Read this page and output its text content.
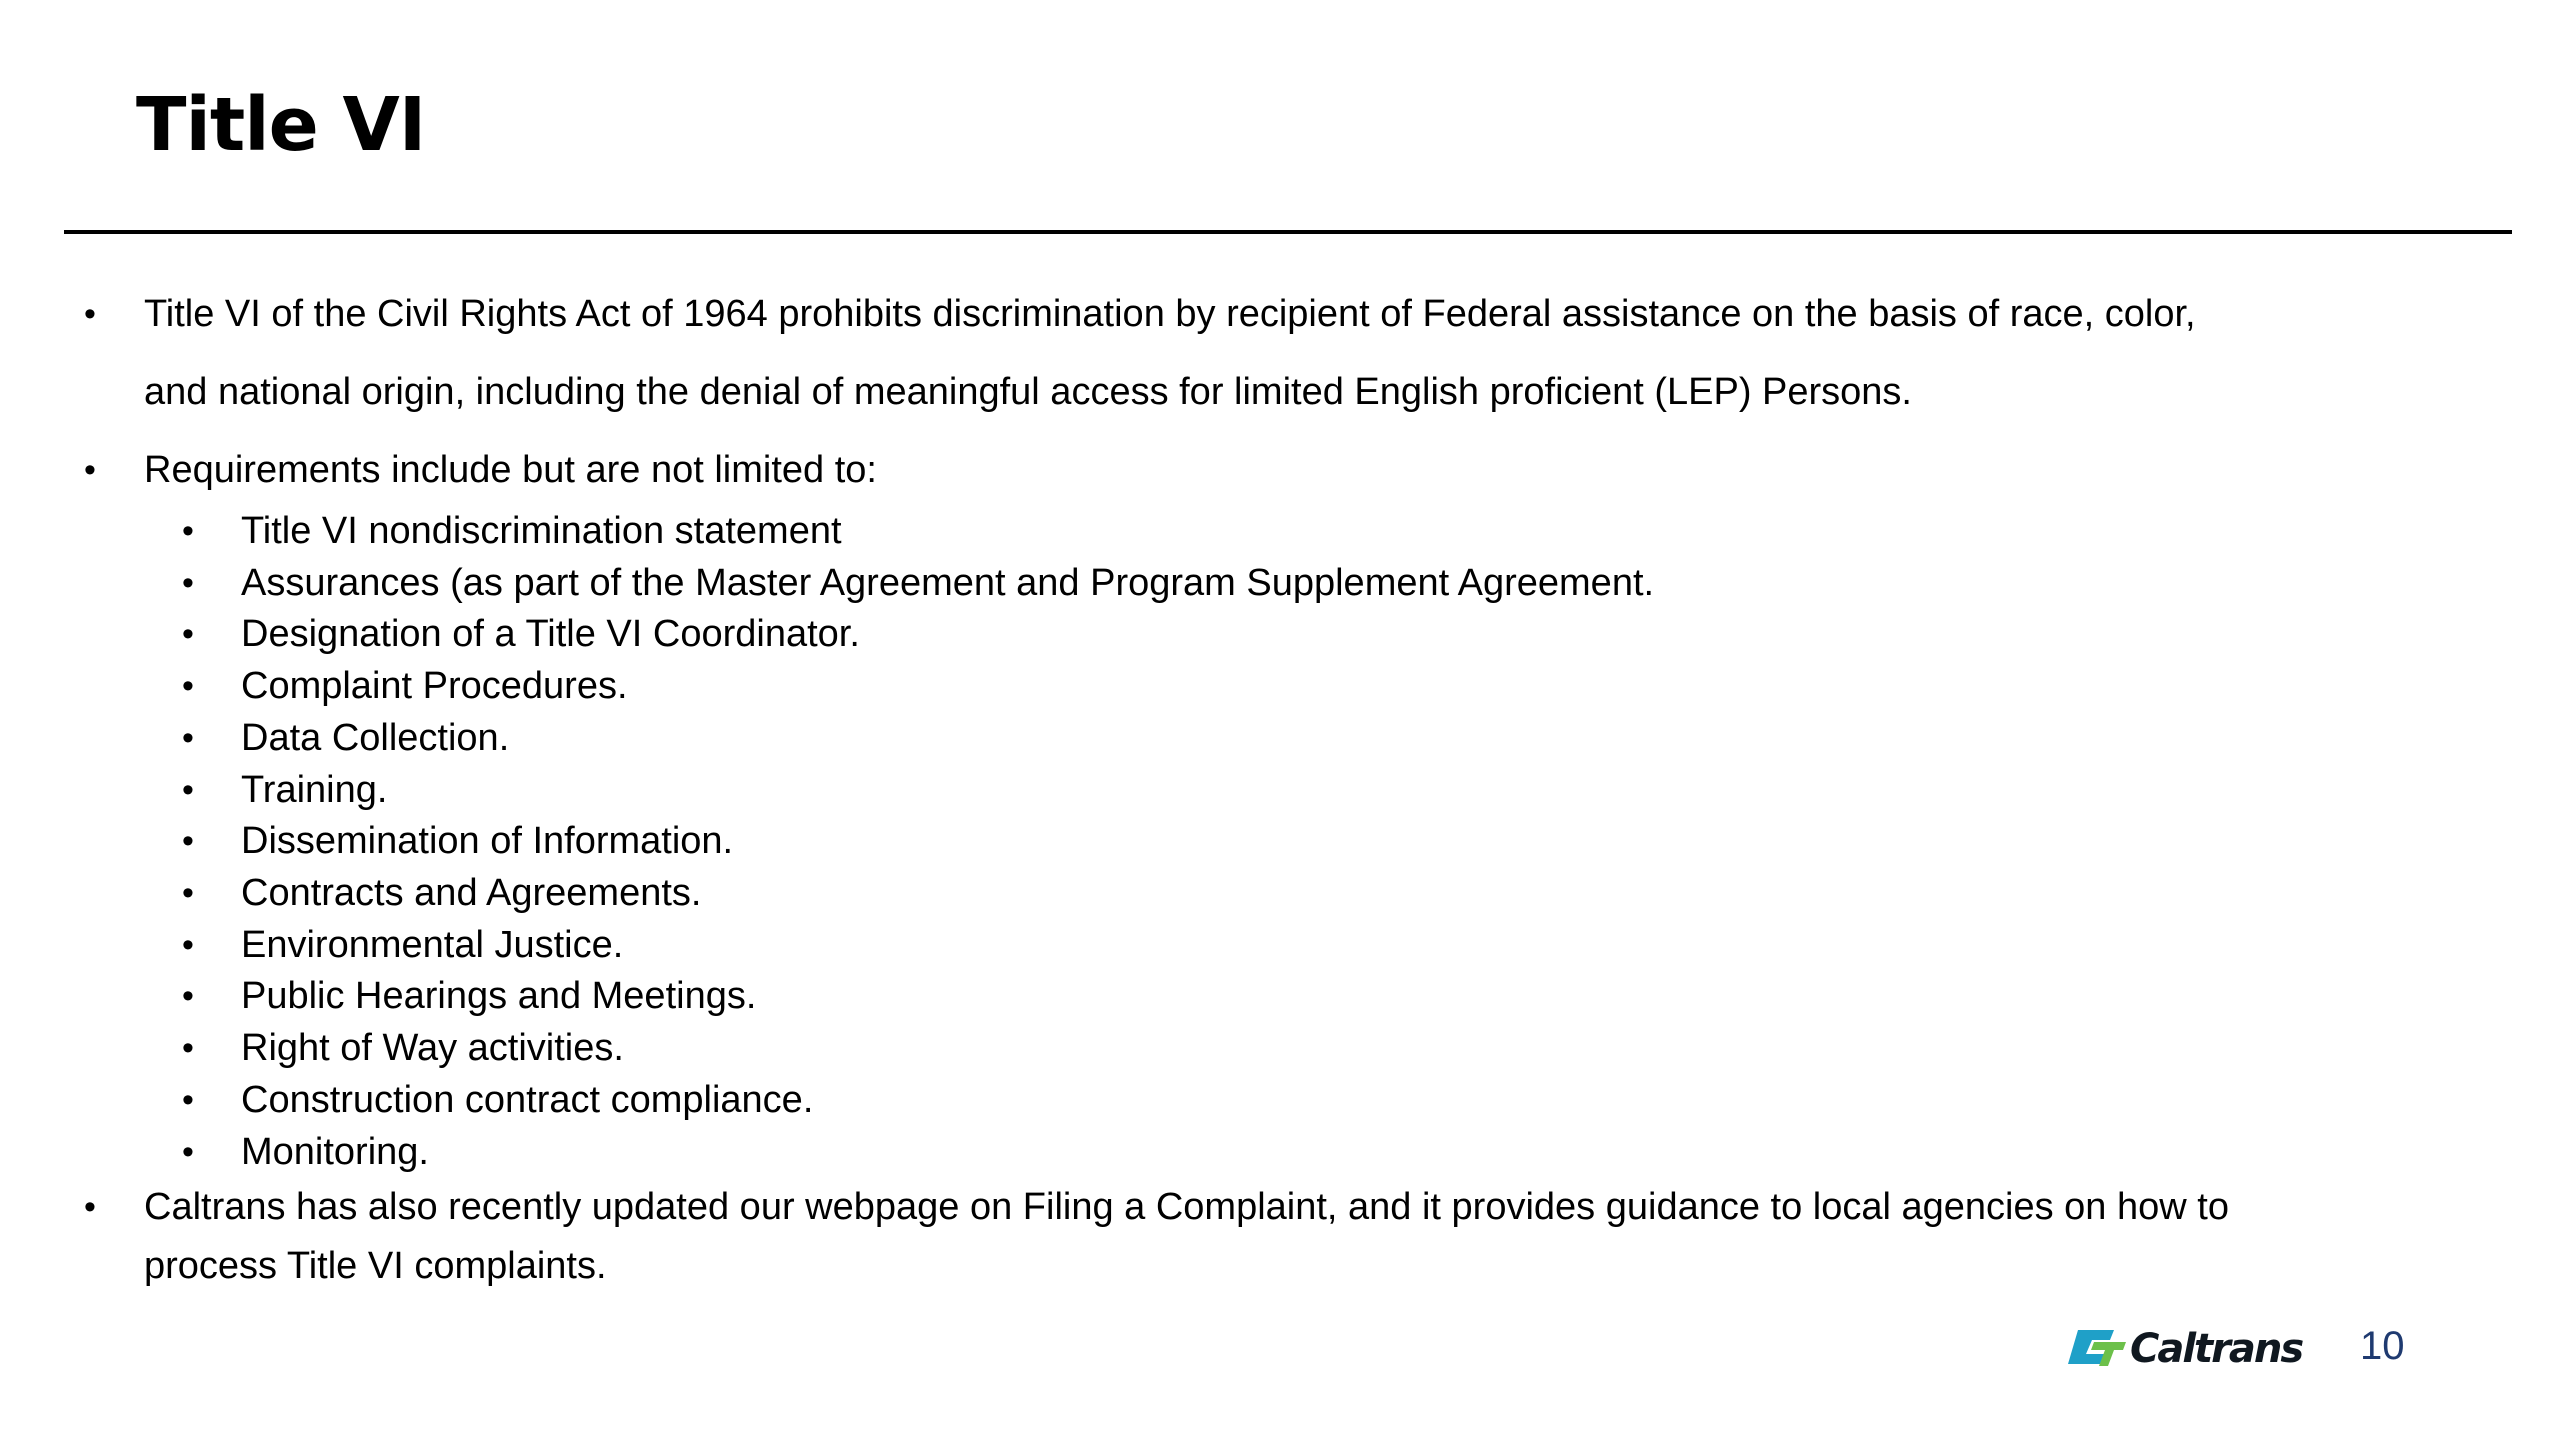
Title VI
• Title VI of the Civil Rights Act of 1964 prohibits discrimination by recipient of Federal assistance on the basis of race, color,
and national origin, including the denial of meaningful access for limited English proficient (LEP) Persons.
• Requirements include but are not limited to:
• Title VI nondiscrimination statement
• Assurances (as part of the Master Agreement and Program Supplement Agreement.
• Designation of a Title VI Coordinator.
• Complaint Procedures.
• Data Collection.
• Training.
• Dissemination of Information.
• Contracts and Agreements.
• Environmental Justice.
• Public Hearings and Meetings.
• Right of Way activities.
• Construction contract compliance.
• Monitoring.
• Caltrans has also recently updated our webpage on Filing a Complaint, and it provides guidance to local agencies on how to
process Title VI complaints.
Caltrans 10
